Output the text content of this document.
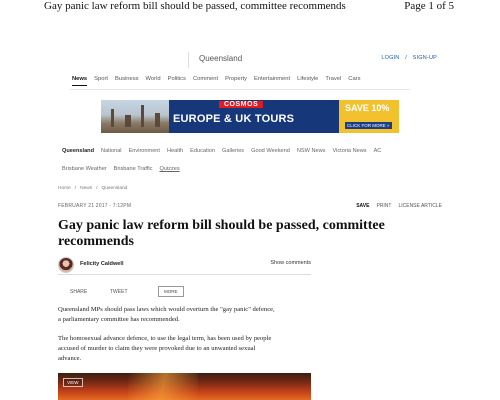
Gay panic law reform bill should be passed, committee recommends	Page 1 of 5
Queensland	LOGIN / SIGN-UP
News Sport Business World Politics Comment Property Entertainment Lifestyle Travel Cars
COSMOS
EUROPE & UK TOURS
SAVE 10%
CLICK FOR MORE »
Queensland National Environment Health Education Galleries Good Weekend NSW News Victoria News AC
Brisbane Weather Brisbane Traffic Quizzes
Home / News / Queensland
FEBRUARY 21 2017 - 7:12PM	SAVE PRINT LICENSE ARTICLE
Gay panic law reform bill should be passed, committee recommends
Felicity Caldwell	Show comments
SHARE	TWEET	MORE

Queensland MPs should pass laws which would overturn the "gay panic" defence, a parliamentary committee has recommended.

The homosexual advance defence, to use the legal term, has been used by people accused of murder to claim they were provoked due to an unwanted sexual advance.

VIEW
